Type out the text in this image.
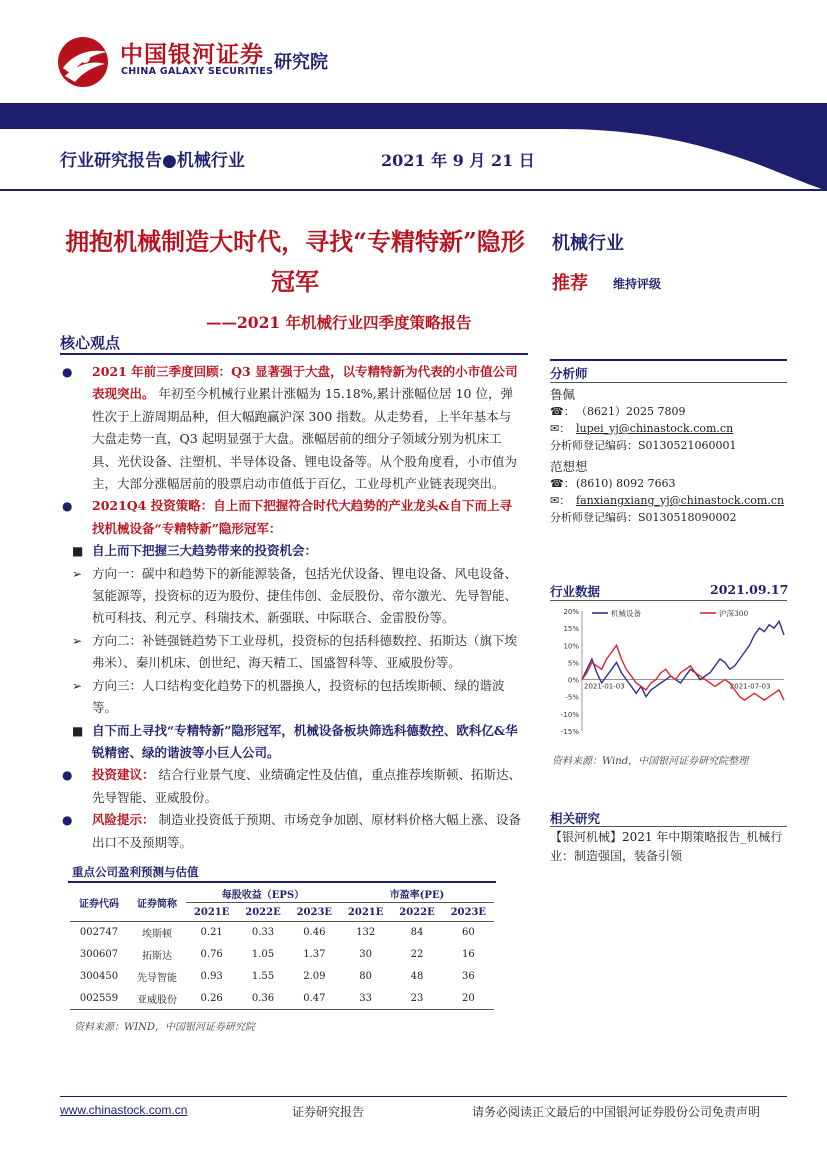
中国银河证券
CHINA GALAXY SECURITIES 研究院
行业研究报告●机械行业	2021 年 9 月 21 日
拥抱机械制造大时代，寻找“专精特新”隐形冠军
——2021 年机械行业四季度策略报告
机械行业
推荐 维持评级
核心观点

● 2021 年前三季度回顾：Q3 显著强于大盘，以专精特新为代表的小市值公司表现突出。 年初至今机械行业累计涨幅为 15.18%,累计涨幅位居 10 位，弹性次于上游周期品种，但大幅跑赢沪深 300 指数。从走势看，上半年基本与大盘走势一直，Q3 起明显强于大盘。涨幅居前的细分子领域分别为机床工具、光伏设备、注塑机、半导体设备、锂电设备等。从个股角度看，小市值为主，大部分涨幅居前的股票启动市值低于百亿，工业母机产业链表现突出。

● 2021Q4 投资策略：自上而下把握符合时代大趋势的产业龙头&自下而上寻找机械设备“专精特新”隐形冠军：

■ 自上而下把握三大趋势带来的投资机会：

➢ 方向一：碳中和趋势下的新能源装备，包括光伏设备、锂电设备、风电设备、氢能源等，投资标的迈为股份、捷佳伟创、金辰股份、帝尔激光、先导智能、杭可科技、利元亨、科瑞技术、新强联、中际联合、金雷股份等。

➢ 方向二：补链强链趋势下工业母机，投资标的包括科德数控、拓斯达（旗下埃弗米）、秦川机床、创世纪、海天精工、国盛智科等、亚威股份等。

➢ 方向三：人口结构变化趋势下的机器换人，投资标的包括埃斯顿、绿的谐波等。

■ 自下而上寻找“专精特新”隐形冠军，机械设备板块筛选科德数控、欧科亿&华锐精密、绿的谐波等小巨人公司。

● 投资建议： 结合行业景气度、业绩确定性及估值，重点推荐埃斯顿、拓斯达、先导智能、亚威股份。

● 风险提示： 制造业投资低于预期、市场竞争加剧、原材料价格大幅上涨、设备出口不及预期等。

重点公司盈利预测与估值
证券代码	证券简称	每股收益（EPS）			市盈率(PE)		
		2021E	2022E	2023E	2021E	2022E	2023E
002747	埃斯顿	0.21	0.33	0.46	132	84	60
300607	拓斯达	0.76	1.05	1.37	30	22	16
300450	先导智能	0.93	1.55	2.09	80	48	36
002559	亚威股份	0.26	0.36	0.47	33	23	20
资料来源：WIND，中国银河证券研究院
分析师
鲁佩
☎： （8621）2025 7809
✉： lupei_yj@chinastock.com.cn
分析师登记编码：S0130521060001
范想想
☎： (8610) 8092 7663
✉： fanxiangxiang_yj@chinastock.com.cn
分析师登记编码：S0130518090002
行业数据	2021.09.17
-15%
-10%
-5%
0%
5%
10%
15%
20%
2021-01-03	2021-07-03
机械设备	沪深300
资料来源：Wind，中国银河证券研究院整理
相关研究
【银河机械】2021 年中期策略报告_机械行业：制造强国，装备引领
www.chinastock.com.cn	证券研究报告	请务必阅读正文最后的中国银河证券股份公司免责声明
